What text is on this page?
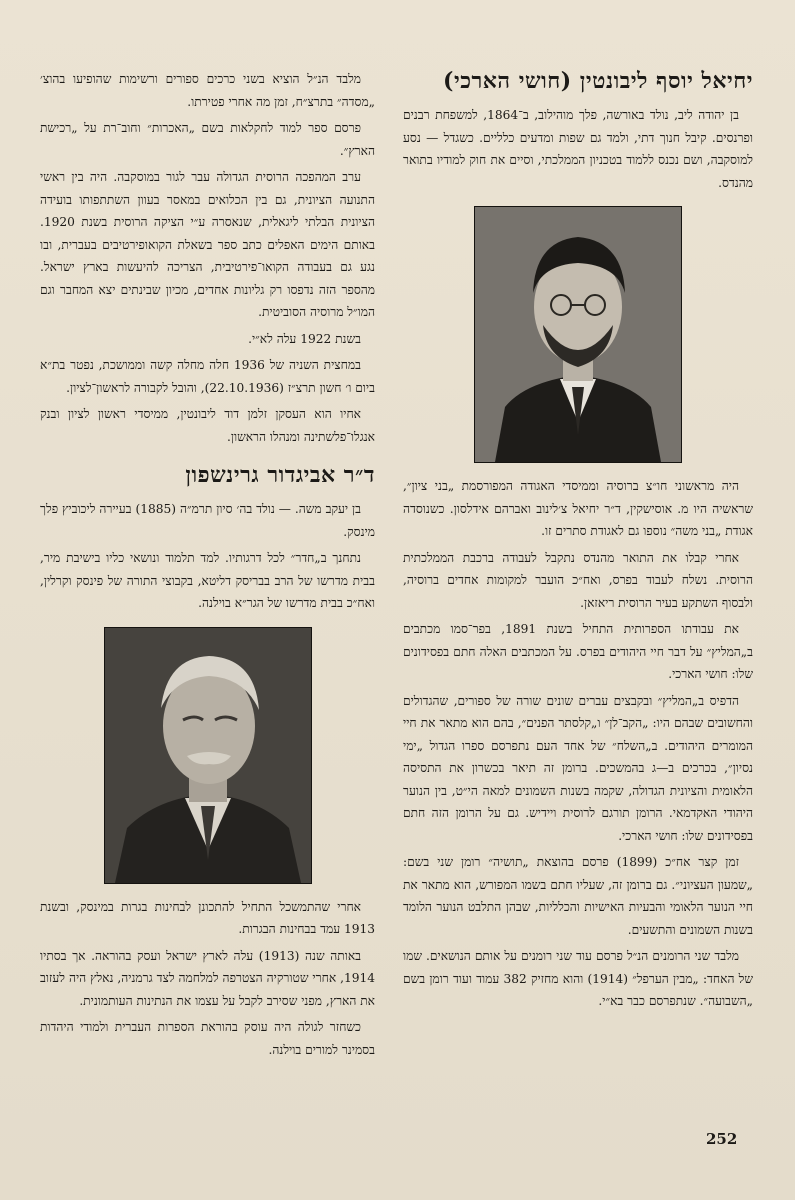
יחיאל יוסף ליבונטין (חושי הארכי)

בן יהודה ליב, נולד באורשה, פלך מוהילוב, ב־1864, למשפחת רבנים ופרנסים. קיבל חנוך דתי, ולמד גם שפות ומדעים כלליים. כשגדל — נסע למוסקבה, ושם נכנס ללמוד בטכניון הממלכתי, וסיים את חוק למודיו בתואר מהנדס.

היה מראשוני חו״צ ברוסיה וממיסדי האגודה המפורסמת „בני ציון״, שראשיה היו מ. אוסישקין, ד״ר יחיאל צ׳לינוב ואברהם אידלסון. כשנוסדה אגודת „בני משה״ נוספו גם לאגודת סתרים זו.

אחרי קבלו את התואר מהנדס נתקבל לעבודה ברכבת הממלכתית הרוסית. נשלח לעבוד בפרס, ואח״כ הועבר למקומות אחדים ברוסיה, ולבסוף השתקע בעיר הרוסית ריאזאן.

את עבודתו הספרותית התחיל בשנת 1891, בפר־סמו מכתבים ב„המליץ״ על דבר חיי היהודים בפרס. על המכתבים האלה חתם בפסידונים שלו: חושי הארכי.

הדפיס ב„המליץ״ ובקבצים עברים שונים שורה של ספורים, שהגדולים והחשובים שבהם היו: „הקב־לן״ ו„קלסתר הפנים״, בהם הוא מתאר את חיי המומרים היהודים. ב„השלח״ של אחד העם נתפרסם ספרו הגדול „ימי נסיון״, בכרכים ב—ג בהמשכים. ברומן זה תיאר בכשרון את התסיסה הלאומית והציונית הגדולה, שקמה בשנות השמונים למאה הי״ט, בין הנוער היהודי האקדמאי. הרומן תורגם לרוסית ויידיש. גם על הרומן הזה חתם בפסידונים שלו: חושי הארכי.

זמן קצר אח״כ (1899) פרסם בהוצאת „תושיה״ רומן שני בשם: „שמעון העציוני״. גם ברומן זה, שעליו חתם בשמו המפורש, הוא מתאר את חיי הנוער הלאומי והבעיות האישיות והכלליות, שבהן התלבט הנוער הלומד בשנות השמונים והתשעים.

מלבד שני הרומנים הנ״ל פרסם עוד שני רומנים על אותם הנושאים. שמו של האחד: „מבין הערפל״ (1914) והוא מחזיק 382 עמוד ועוד רומן בשם „השבועה״. שנתפרסם כבר בא״י.

מלבד הנ״ל הוציא בשני כרכים ספורים ורשימות שהופיעו בהוצ׳ „מסדה״ בתרצ״ח, זמן מה אחרי פטירתו.

פרסם ספר למוד לחקלאות בשם „האכרות״ וחוב־רת על „רכישת הארץ״.

ערב המהפכה הרוסית הגדולה עבר לגור במוסקבה. היה בין ראשי התנועה הציונית, גם בין הכלואים במאסר בעוון השתתפותו בועידה הציונית הבלתי ליגאלית, שנאסרה ע״י הציקה הרוסית בשנת 1920. באותם הימים האפלים כתב ספר בשאלת הקואופירטיבים בעברית, ובו נגע גם בעבודה הקואו־פירטיבית, הצריכה להיעשות בארץ ישראל. מהספר הזה נדפסו רק גליונות אחדים, מכיון שבינתים יצא המחבר וגם המו״ל מרוסיה הסוביטית.

בשנת 1922 עלה לא״י.

במחצית השניה של 1936 חלה מחלה קשה וממושכת, נפטר בת״א ביום ו׳ חשון תרצ״ז (22.10.1936), והובל לקבורה לראשון־לציון.

אחיו הוא העסקן זלמן דוד ליבונטין, ממיסדי ראשון לציון ובנק אנגלו־פלשתינה ומנהלו הראשון.

ד״ר אביגדור גרינשפון

בן יעקב משה. — נולד בה׳ סיון תרמ״ה (1885) בעיירה ליכוביץ פלך מינסק.

נתחנך ב„חדר״ לכל דרגותיו. למד תלמוד ונושאי כליו בישיבת מיר, בבית מדרשו של הרב בבריסק דליטא, בקבוצי התורה של פינסק וקרלין, ואח״כ בבית מדרשו של הגר״א בוילנה.

אחרי שהתמשכל התחיל להתכונן לבחינות בגרות במינסק, ובשנת 1913 עמד בבחינות הבגרות.

באותה שנה (1913) עלה לארץ ישראל ועסק בהוראה. אך בסתיו 1914, אחרי שטורקיה הצטרפה למלחמה לצד גרמניה, נאלץ היה לעזוב את הארץ, מפני שסירב לקבל על עצמו את הנתינות העותמונית.

כשחזר לגולה היה עוסק בהוראת הספרות העברית ולמודי היהדות בסמינר למורים בוילנה.

252
